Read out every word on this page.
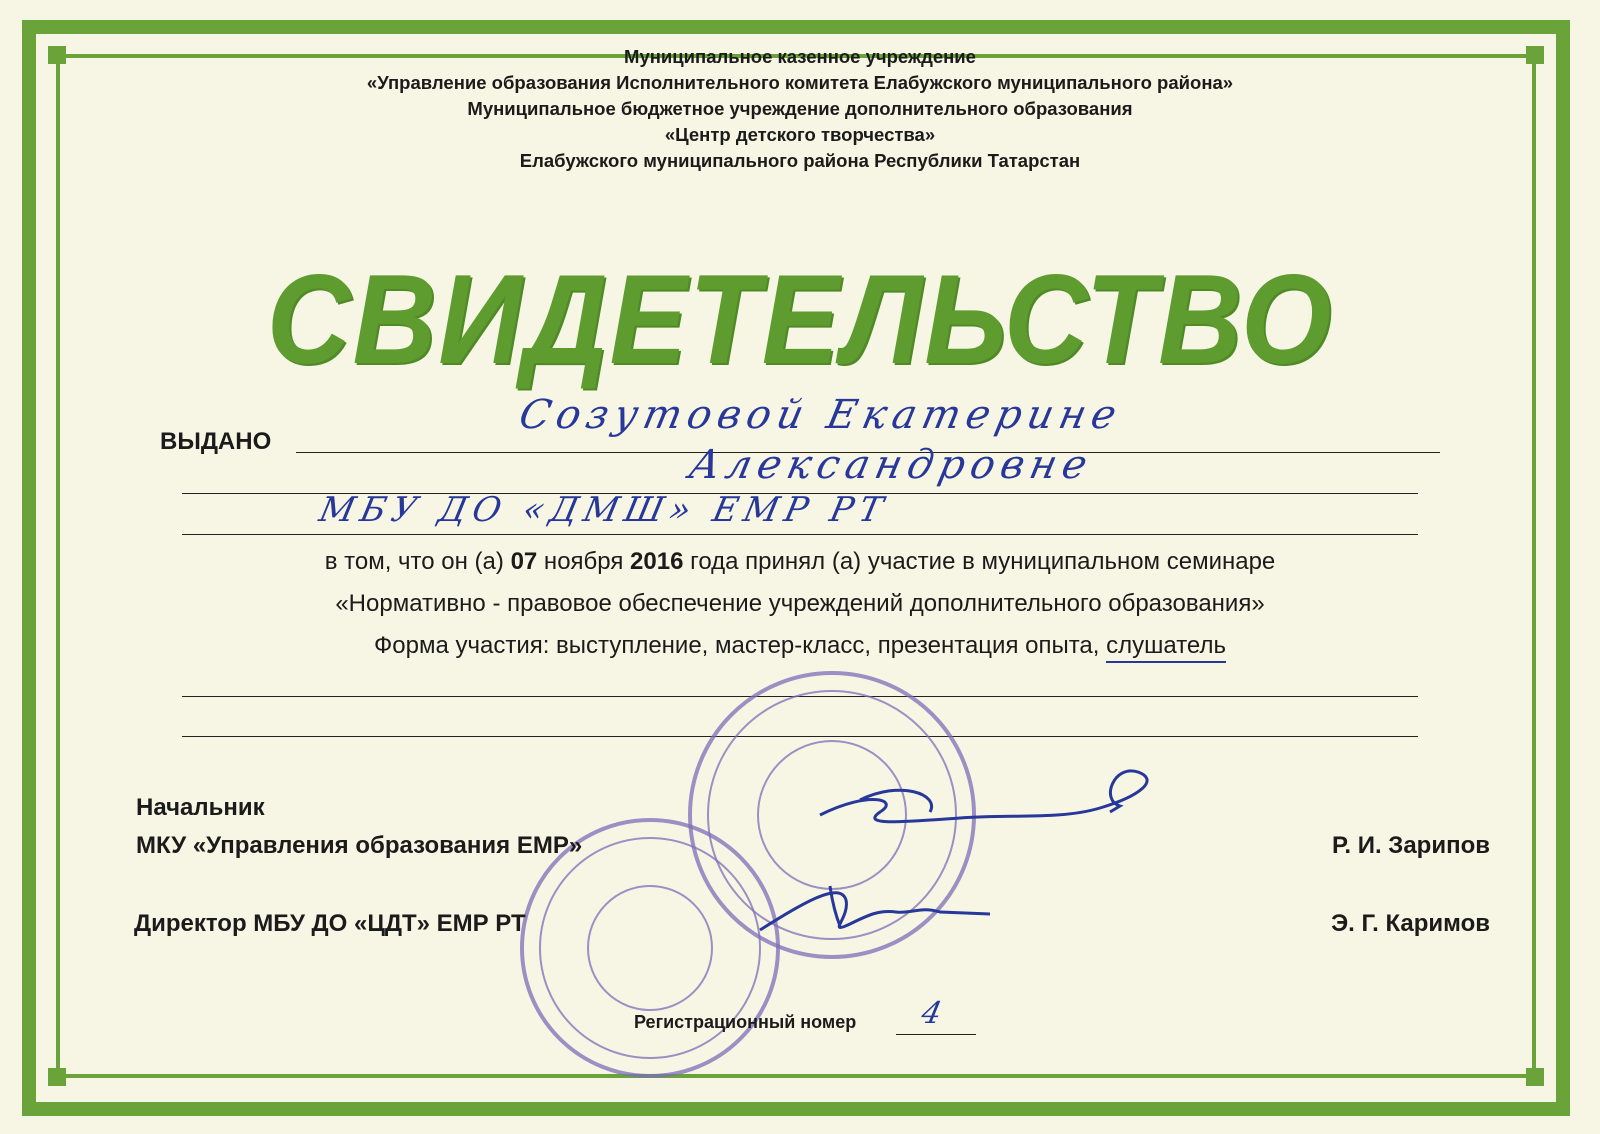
Муниципальное казенное учреждение
«Управление образования Исполнительного комитета Елабужского муниципального района»
Муниципальное бюджетное учреждение дополнительного образования
«Центр детского творчества»
Елабужского муниципального района Республики Татарстан
СВИДЕТЕЛЬСТВО
ВЫДАНО
Созутовой Екатерине
Александровне
МБУ ДО «ДМШ» ЕМР РТ
в том, что он (а) 07 ноября 2016 года принял (а) участие в муниципальном семинаре
«Нормативно - правовое обеспечение учреждений дополнительного образования»
Форма участия: выступление, мастер-класс, презентация опыта, слушатель
Начальник
МКУ «Управления образования ЕМР»	Р. И. Зарипов
Директор МБУ ДО «ЦДТ» ЕМР РТ	Э. Г. Каримов
Регистрационный номер 4
